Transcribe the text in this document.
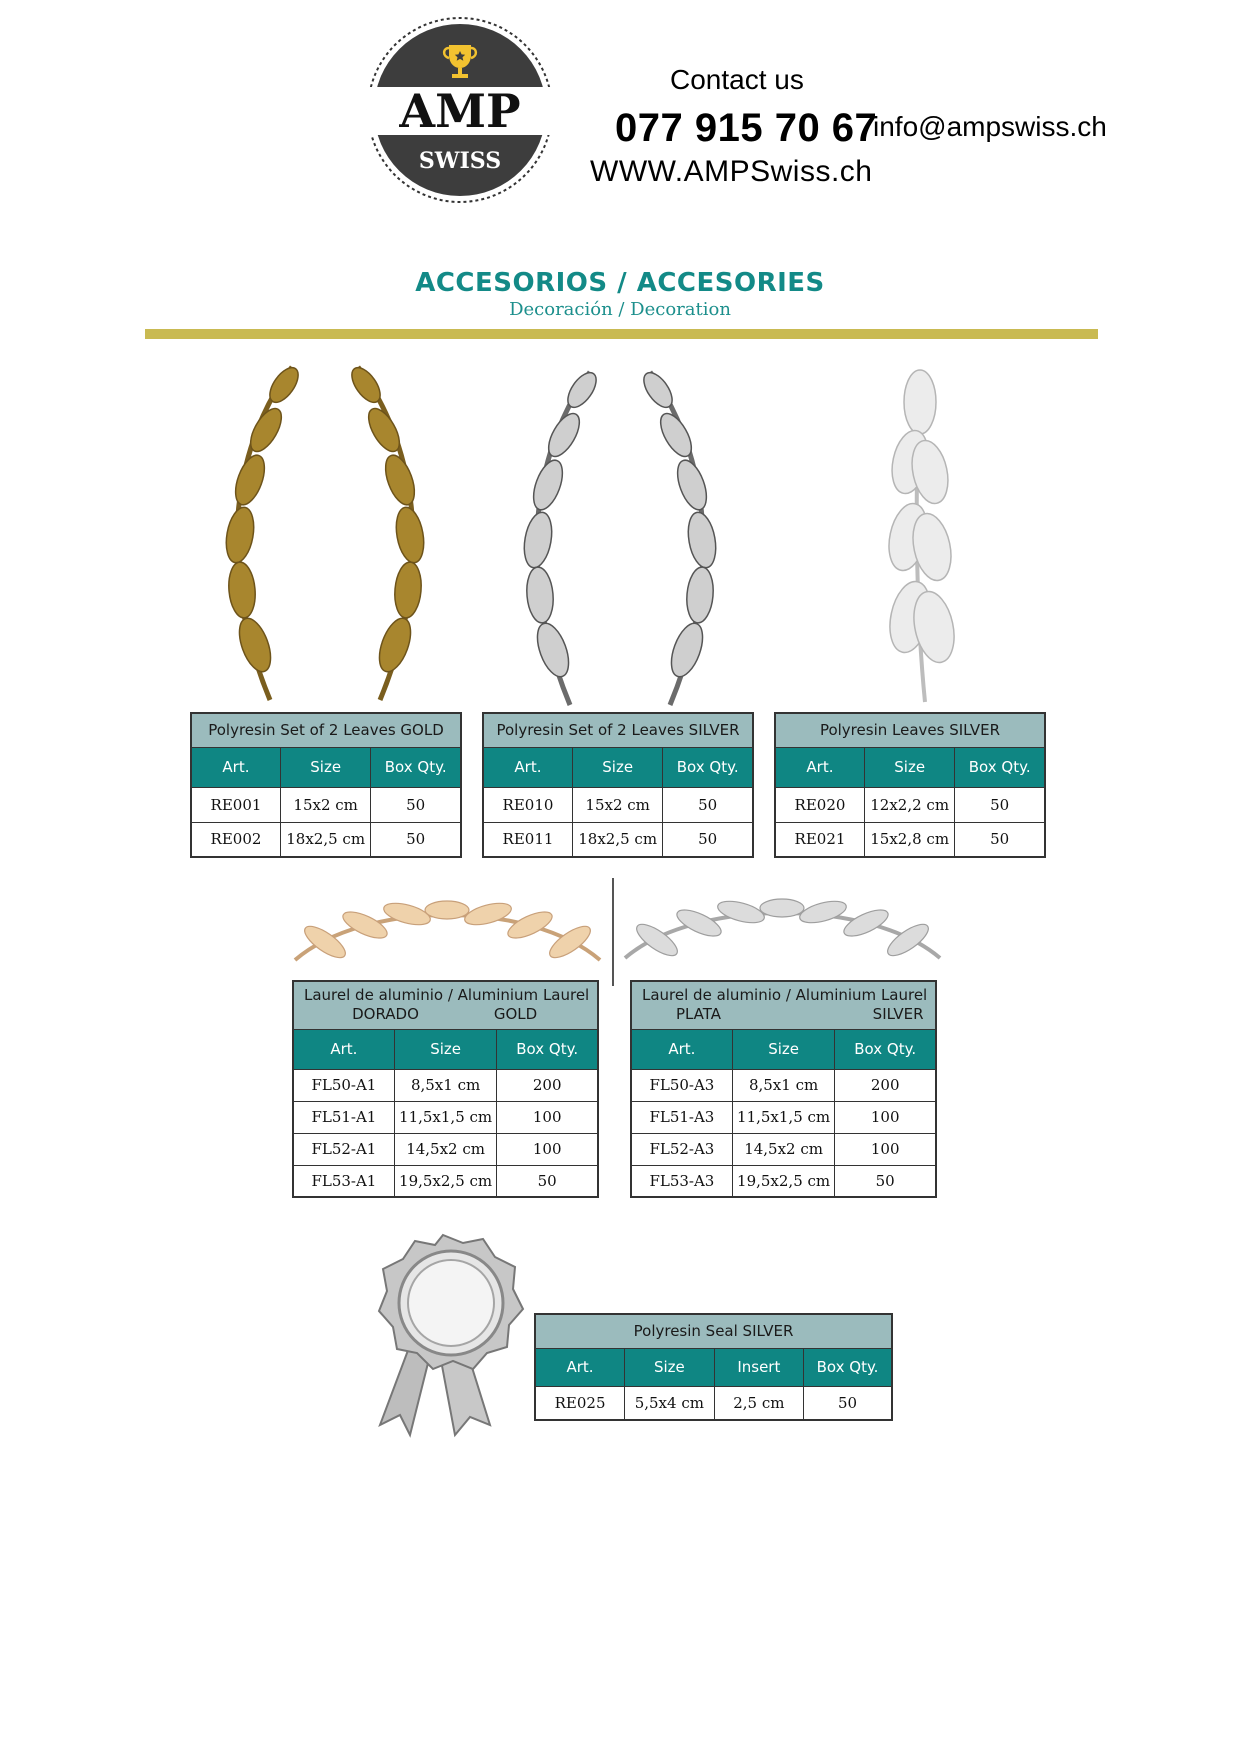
AMP
SWISS
Contact us
077 915 70 67
info@ampswiss.ch
WWW.AMPSwiss.ch
ACCESORIOS / ACCESORIES
Decoración / Decoration
Polyresin Set of 2 Leaves GOLD		
Art.	Size	Box Qty.
RE001	15x2 cm	50
RE002	18x2,5 cm	50
Polyresin Set of 2 Leaves SILVER		
Art.	Size	Box Qty.
RE010	15x2 cm	50
RE011	18x2,5 cm	50
Polyresin Leaves SILVER		
Art.	Size	Box Qty.
RE020	12x2,2 cm	50
RE021	15x2,8 cm	50
Laurel de aluminio / Aluminium Laurel
DORADO GOLD		

Art.	Size	Box Qty.
FL50-A1	8,5x1 cm	200
FL51-A1	11,5x1,5 cm	100
FL52-A1	14,5x2 cm	100
FL53-A1	19,5x2,5 cm	50
Laurel de aluminio / Aluminium Laurel
PLATA SILVER		

Art.	Size	Box Qty.
FL50-A3	8,5x1 cm	200
FL51-A3	11,5x1,5 cm	100
FL52-A3	14,5x2 cm	100
FL53-A3	19,5x2,5 cm	50
Polyresin Seal SILVER			
Art.	Size	Insert	Box Qty.
RE025	5,5x4 cm	2,5 cm	50
